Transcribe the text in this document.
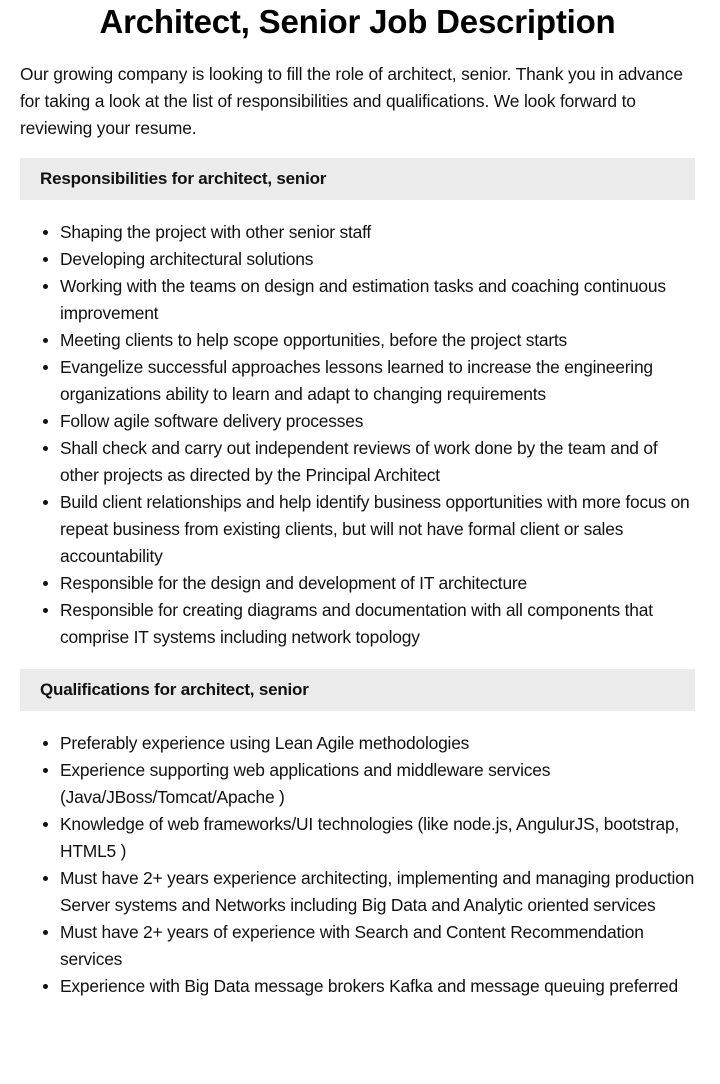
Architect, Senior Job Description

Our growing company is looking to fill the role of architect, senior. Thank you in advance for taking a look at the list of responsibilities and qualifications. We look forward to reviewing your resume.

Responsibilities for architect, senior
Shaping the project with other senior staff
Developing architectural solutions
Working with the teams on design and estimation tasks and coaching continuous improvement
Meeting clients to help scope opportunities, before the project starts
Evangelize successful approaches lessons learned to increase the engineering organizations ability to learn and adapt to changing requirements
Follow agile software delivery processes
Shall check and carry out independent reviews of work done by the team and of other projects as directed by the Principal Architect
Build client relationships and help identify business opportunities with more focus on repeat business from existing clients, but will not have formal client or sales accountability
Responsible for the design and development of IT architecture
Responsible for creating diagrams and documentation with all components that comprise IT systems including network topology
Qualifications for architect, senior
Preferably experience using Lean Agile methodologies
Experience supporting web applications and middleware services (Java/JBoss/Tomcat/Apache )
Knowledge of web frameworks/UI technologies (like node.js, AngulurJS, bootstrap, HTML5 )
Must have 2+ years experience architecting, implementing and managing production Server systems and Networks including Big Data and Analytic oriented services
Must have 2+ years of experience with Search and Content Recommendation services
Experience with Big Data message brokers Kafka and message queuing preferred
